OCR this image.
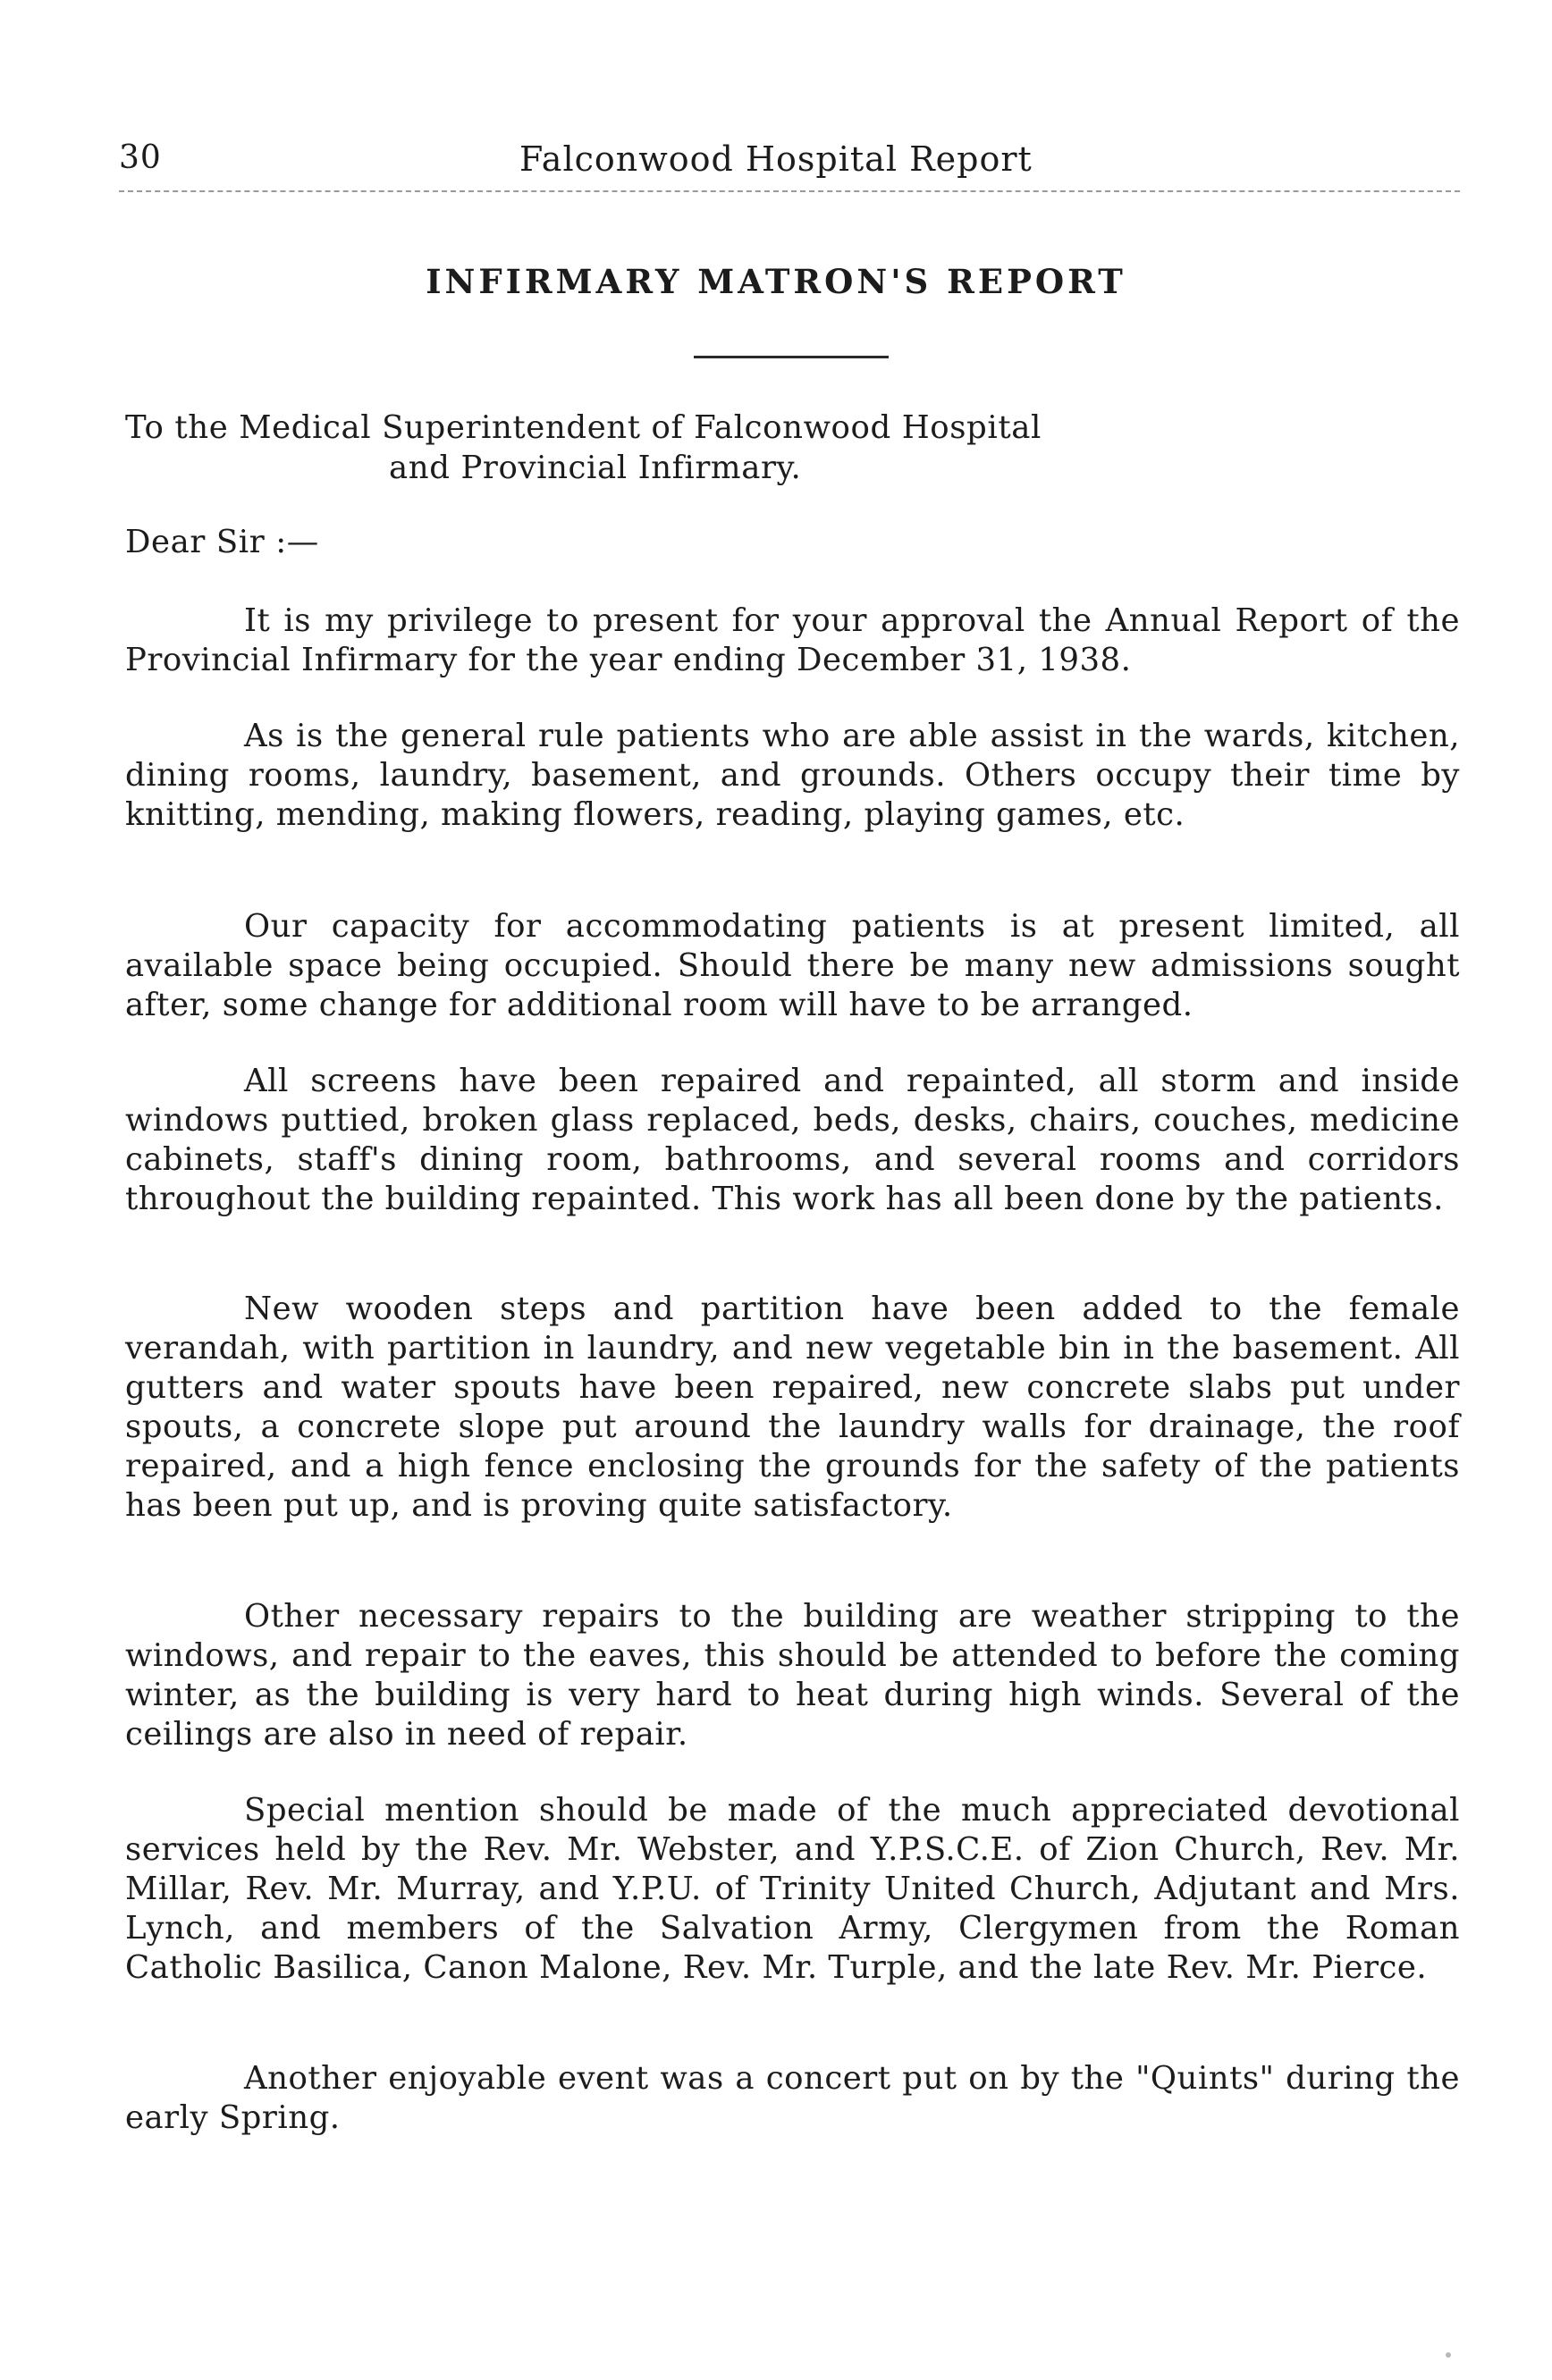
30	Falconwood Hospital Report
INFIRMARY MATRON'S REPORT
To the Medical Superintendent of Falconwood Hospital
and Provincial Infirmary.
Dear Sir :—

It is my privilege to present for your approval the Annual Report of the Provincial Infirmary for the year ending December 31, 1938.

As is the general rule patients who are able assist in the wards, kitchen, dining rooms, laundry, basement, and grounds. Others occupy their time by knitting, mending, making flowers, reading, playing games, etc.

Our capacity for accommodating patients is at present limited, all available space being occupied. Should there be many new admissions sought after, some change for additional room will have to be arranged.

All screens have been repaired and repainted, all storm and inside windows puttied, broken glass replaced, beds, desks, chairs, couches, medicine cabinets, staff's dining room, bathrooms, and several rooms and corridors throughout the building repainted. This work has all been done by the patients.

New wooden steps and partition have been added to the female verandah, with partition in laundry, and new vegetable bin in the basement. All gutters and water spouts have been repaired, new concrete slabs put under spouts, a concrete slope put around the laundry walls for drainage, the roof repaired, and a high fence enclosing the grounds for the safety of the patients has been put up, and is proving quite satisfactory.

Other necessary repairs to the building are weather stripping to the windows, and repair to the eaves, this should be attended to before the coming winter, as the building is very hard to heat during high winds. Several of the ceilings are also in need of repair.

Special mention should be made of the much appreciated devotional services held by the Rev. Mr. Webster, and Y.P.S.C.E. of Zion Church, Rev. Mr. Millar, Rev. Mr. Murray, and Y.P.U. of Trinity United Church, Adjutant and Mrs. Lynch, and members of the Salvation Army, Clergymen from the Roman Catholic Basilica, Canon Malone, Rev. Mr. Turple, and the late Rev. Mr. Pierce.

Another enjoyable event was a concert put on by the "Quints" during the early Spring.
